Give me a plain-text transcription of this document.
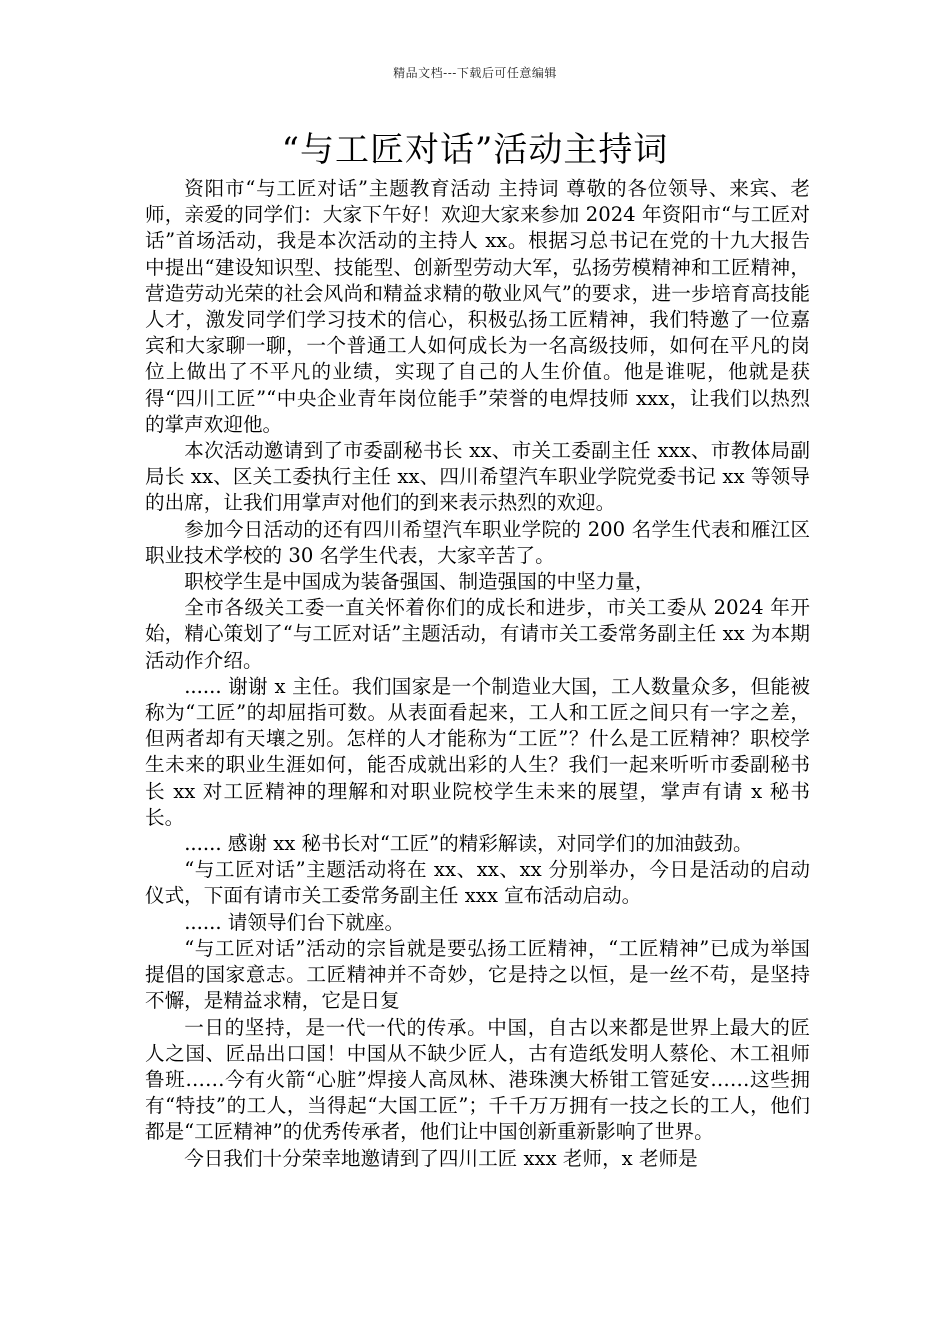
精品文档---下载后可任意编辑
“与工匠对话”活动主持词

资阳市“与工匠对话”主题教育活动 主持词 尊敬的各位领导、来宾、老师，亲爱的同学们：大家下午好！欢迎大家来参加 2024 年资阳市“与工匠对话”首场活动，我是本次活动的主持人 xx。根据习总书记在党的十九大报告中提出“建设知识型、技能型、创新型劳动大军，弘扬劳模精神和工匠精神，营造劳动光荣的社会风尚和精益求精的敬业风气”的要求，进一步培育高技能人才，激发同学们学习技术的信心，积极弘扬工匠精神，我们特邀了一位嘉宾和大家聊一聊，一个普通工人如何成长为一名高级技师，如何在平凡的岗位上做出了不平凡的业绩，实现了自己的人生价值。他是谁呢，他就是获得“四川工匠”“中央企业青年岗位能手”荣誉的电焊技师 xxx，让我们以热烈的掌声欢迎他。

本次活动邀请到了市委副秘书长 xx、市关工委副主任 xxx、市教体局副局长 xx、区关工委执行主任 xx、四川希望汽车职业学院党委书记 xx 等领导的出席，让我们用掌声对他们的到来表示热烈的欢迎。

参加今日活动的还有四川希望汽车职业学院的 200 名学生代表和雁江区职业技术学校的 30 名学生代表，大家辛苦了。

职校学生是中国成为装备强国、制造强国的中坚力量，

全市各级关工委一直关怀着你们的成长和进步，市关工委从 2024 年开始，精心策划了“与工匠对话”主题活动，有请市关工委常务副主任 xx 为本期活动作介绍。

...... 谢谢 x 主任。我们国家是一个制造业大国，工人数量众多，但能被称为“工匠”的却屈指可数。从表面看起来，工人和工匠之间只有一字之差，但两者却有天壤之别。怎样的人才能称为“工匠”？什么是工匠精神？职校学生未来的职业生涯如何，能否成就出彩的人生？我们一起来听听市委副秘书长 xx 对工匠精神的理解和对职业院校学生未来的展望，掌声有请 x 秘书长。

...... 感谢 xx 秘书长对“工匠”的精彩解读，对同学们的加油鼓劲。

“与工匠对话”主题活动将在 xx、xx、xx 分别举办，今日是活动的启动仪式，下面有请市关工委常务副主任 xxx 宣布活动启动。

...... 请领导们台下就座。

“与工匠对话”活动的宗旨就是要弘扬工匠精神，“工匠精神”已成为举国提倡的国家意志。工匠精神并不奇妙，它是持之以恒，是一丝不苟，是坚持不懈，是精益求精，它是日复

一日的坚持，是一代一代的传承。中国，自古以来都是世界上最大的匠人之国、匠品出口国！中国从不缺少匠人，古有造纸发明人蔡伦、木工祖师鲁班……今有火箭“心脏”焊接人高凤林、港珠澳大桥钳工管延安……这些拥有“特技”的工人，当得起“大国工匠”；千千万万拥有一技之长的工人，他们都是“工匠精神”的优秀传承者，他们让中国创新重新影响了世界。

今日我们十分荣幸地邀请到了四川工匠 xxx 老师，x 老师是
